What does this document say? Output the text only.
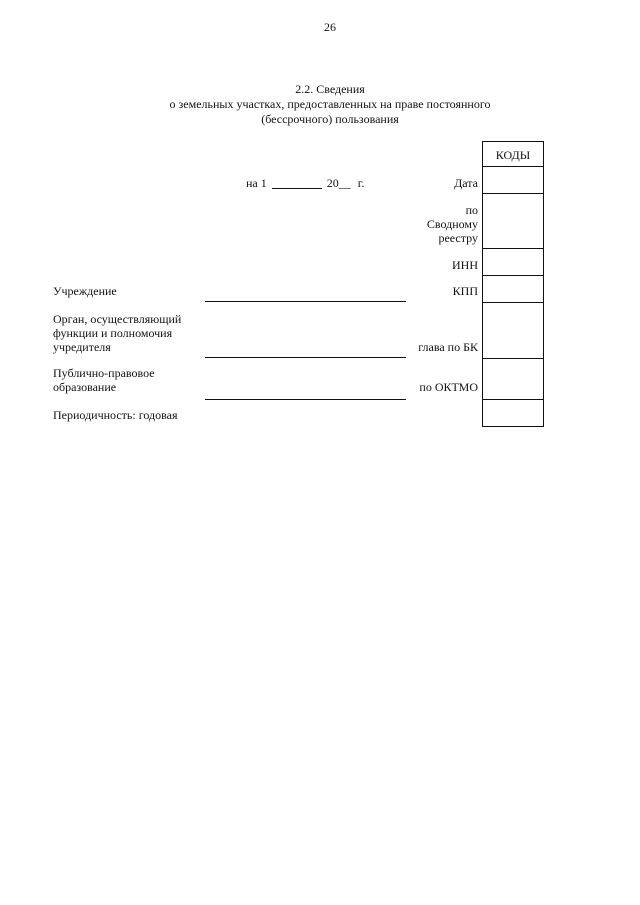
26
2.2. Сведения
о земельных участках, предоставленных на праве постоянного
(бессрочного) пользования
на 1	20__ г.
КОДЫ
Дата
по
Сводному
реестру
ИНН
КПП
глава по БК
по ОКТМО
Учреждение
Орган, осуществляющий
функции и полномочия
учредителя
Публично-правовое
образование
Периодичность: годовая
